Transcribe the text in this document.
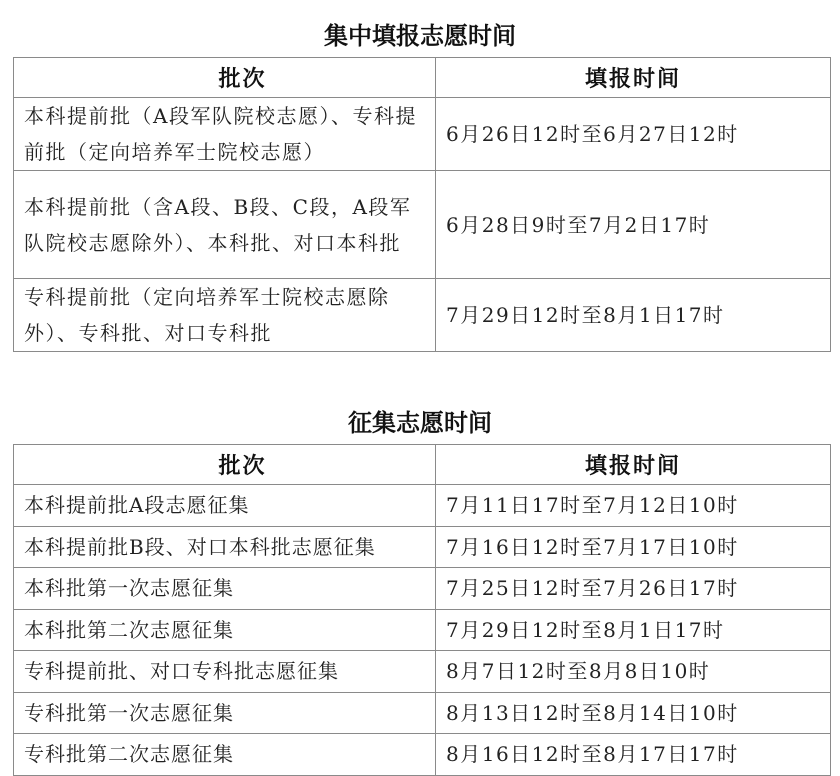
集中填报志愿时间
批次	填报时间
本科提前批（A段军队院校志愿）、专科提前批（定向培养军士院校志愿）	6月26日12时至6月27日12时
本科提前批（含A段、B段、C段，A段军队院校志愿除外）、本科批、对口本科批	6月28日9时至7月2日17时
专科提前批（定向培养军士院校志愿除外）、专科批、对口专科批	7月29日12时至8月1日17时
征集志愿时间
批次	填报时间
本科提前批A段志愿征集	7月11日17时至7月12日10时
本科提前批B段、对口本科批志愿征集	7月16日12时至7月17日10时
本科批第一次志愿征集	7月25日12时至7月26日17时
本科批第二次志愿征集	7月29日12时至8月1日17时
专科提前批、对口专科批志愿征集	8月7日12时至8月8日10时
专科批第一次志愿征集	8月13日12时至8月14日10时
专科批第二次志愿征集	8月16日12时至8月17日17时
